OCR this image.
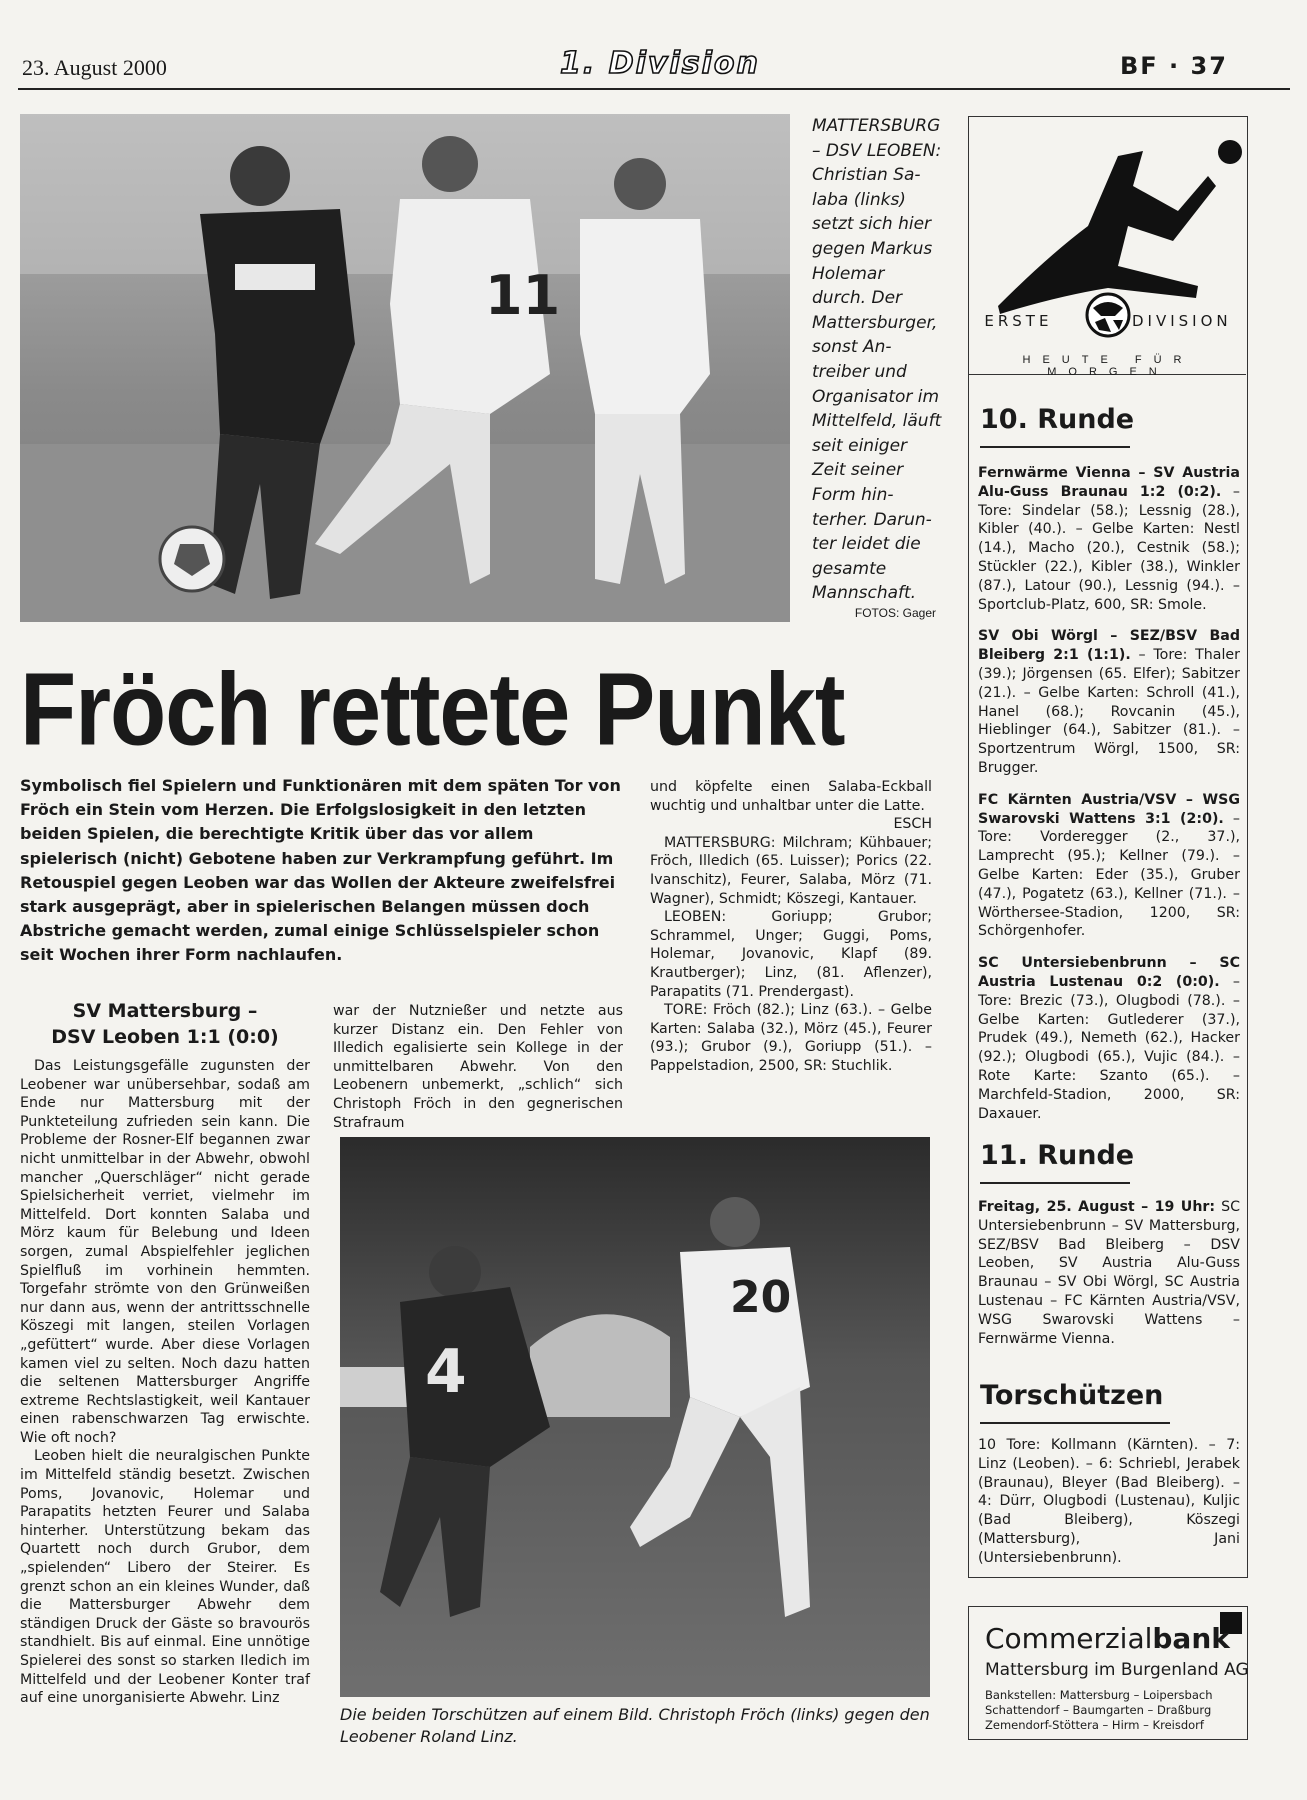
23. August 2000	1. Division	BF · 37
11
MATTERSBURG – DSV LEOBEN: Christian Salaba (links) setzt sich hier gegen Markus Holemar durch. Der Mattersburger, sonst Antreiber und Organisator im Mittelfeld, läuft seit einiger Zeit seiner Form hinterher. Darunter leidet die gesamte Mannschaft.
FOTOS: Gager
Fröch rettete Punkt
Symbolisch fiel Spielern und Funktionären mit dem späten Tor von Fröch ein Stein vom Herzen. Die Erfolgslosigkeit in den letzten beiden Spielen, die berechtigte Kritik über das vor allem spielerisch (nicht) Gebotene haben zur Verkrampfung geführt. Im Retouspiel gegen Leoben war das Wollen der Akteure zweifelsfrei stark ausgeprägt, aber in spielerischen Belangen müssen doch Abstriche gemacht werden, zumal einige Schlüsselspieler schon seit Wochen ihrer Form nachlaufen.
SV Mattersburg –
DSV Leoben 1:1 (0:0)

Das Leistungsgefälle zugunsten der Leobener war unübersehbar, sodaß am Ende nur Mattersburg mit der Punkteteilung zufrieden sein kann. Die Probleme der Rosner-Elf begannen zwar nicht unmittelbar in der Abwehr, obwohl mancher „Querschläger“ nicht gerade Spielsicherheit verriet, vielmehr im Mittelfeld. Dort konnten Salaba und Mörz kaum für Belebung und Ideen sorgen, zumal Abspielfehler jeglichen Spielfluß im vorhinein hemmten. Torgefahr strömte von den Grünweißen nur dann aus, wenn der antrittsschnelle Köszegi mit langen, steilen Vorlagen „gefüttert“ wurde. Aber diese Vorlagen kamen viel zu selten. Noch dazu hatten die seltenen Mattersburger Angriffe extreme Rechtslastigkeit, weil Kantauer einen rabenschwarzen Tag erwischte. Wie oft noch?

Leoben hielt die neuralgischen Punkte im Mittelfeld ständig besetzt. Zwischen Poms, Jovanovic, Holemar und Parapatits hetzten Feurer und Salaba hinterher. Unterstützung bekam das Quartett noch durch Grubor, dem „spielenden“ Libero der Steirer. Es grenzt schon an ein kleines Wunder, daß die Mattersburger Abwehr dem ständigen Druck der Gäste so bravourös standhielt. Bis auf einmal. Eine unnötige Spielerei des sonst so starken Iledich im Mittelfeld und der Leobener Konter traf auf eine unorganisierte Abwehr. Linz

war der Nutznießer und netzte aus kurzer Distanz ein. Den Fehler von Illedich egalisierte sein Kollege in der unmittelbaren Abwehr. Von den Leobenern unbemerkt, „schlich“ sich Christoph Fröch in den gegnerischen Strafraum

und köpfelte einen Salaba-Eckball wuchtig und unhaltbar unter die Latte.

ESCH

MATTERSBURG: Milchram; Kühbauer; Fröch, Illedich (65. Luisser); Porics (22. Ivanschitz), Feurer, Salaba, Mörz (71. Wagner), Schmidt; Köszegi, Kantauer.

LEOBEN:	Goriupp; Grubor; Schrammel, Unger; Guggi, Poms, Holemar, Jovanovic, Klapf (89. Krautberger); Linz, (81. Aflenzer), Parapatits (71. Prendergast).

TORE: Fröch (82.); Linz (63.). – Gelbe Karten: Salaba (32.), Mörz (45.), Feurer (93.); Grubor (9.), Goriupp (51.). – Pappelstadion, 2500, SR: Stuchlik.

4
20
Die beiden Torschützen auf einem Bild. Christoph Fröch (links) gegen den Leobener Roland Linz.
ERSTE	DIVISION
HEUTE FÜR MORGEN
10. Runde

Fernwärme Vienna – SV Austria Alu-Guss Braunau 1:2 (0:2). – Tore: Sindelar (58.); Lessnig (28.), Kibler (40.). – Gelbe Karten: Nestl (14.), Macho (20.), Cestnik (58.); Stückler (22.), Kibler (38.), Winkler (87.), Latour (90.), Lessnig (94.). – Sportclub-Platz, 600, SR: Smole.

SV Obi Wörgl – SEZ/BSV Bad Bleiberg 2:1 (1:1). – Tore: Thaler (39.); Jörgensen (65. Elfer); Sabitzer (21.). – Gelbe Karten: Schroll (41.), Hanel (68.); Rovcanin (45.), Hieblinger (64.), Sabitzer (81.). – Sportzentrum Wörgl, 1500, SR: Brugger.

FC Kärnten Austria/VSV – WSG Swarovski Wattens 3:1 (2:0). – Tore: Vorderegger (2., 37.), Lamprecht (95.); Kellner (79.). – Gelbe Karten: Eder (35.), Gruber (47.), Pogatetz (63.), Kellner (71.). – Wörthersee-Stadion, 1200, SR: Schörgenhofer.

SC Untersiebenbrunn – SC Austria Lustenau 0:2 (0:0). – Tore: Brezic (73.), Olugbodi (78.). – Gelbe Karten: Gutlederer (37.), Prudek (49.), Nemeth (62.), Hacker (92.); Olugbodi (65.), Vujic (84.). – Rote Karte: Szanto (65.). – Marchfeld-Stadion, 2000, SR: Daxauer.

11. Runde

Freitag, 25. August – 19 Uhr: SC Untersiebenbrunn – SV Mattersburg, SEZ/BSV Bad Bleiberg – DSV Leoben, SV Austria Alu-Guss Braunau – SV Obi Wörgl, SC Austria Lustenau – FC Kärnten Austria/VSV, WSG Swarovski Wattens – Fernwärme Vienna.

Torschützen

10 Tore: Kollmann (Kärnten). – 7: Linz (Leoben). – 6: Schriebl, Jerabek (Braunau), Bleyer (Bad Bleiberg). – 4: Dürr, Olugbodi (Lustenau), Kuljic (Bad Bleiberg), Köszegi (Mattersburg), Jani (Untersiebenbrunn).

Commerzialbank
Mattersburg im Burgenland AG
Bankstellen: Mattersburg – Loipersbach Schattendorf – Baumgarten – Draßburg Zemendorf-Stöttera – Hirm – Kreisdorf
